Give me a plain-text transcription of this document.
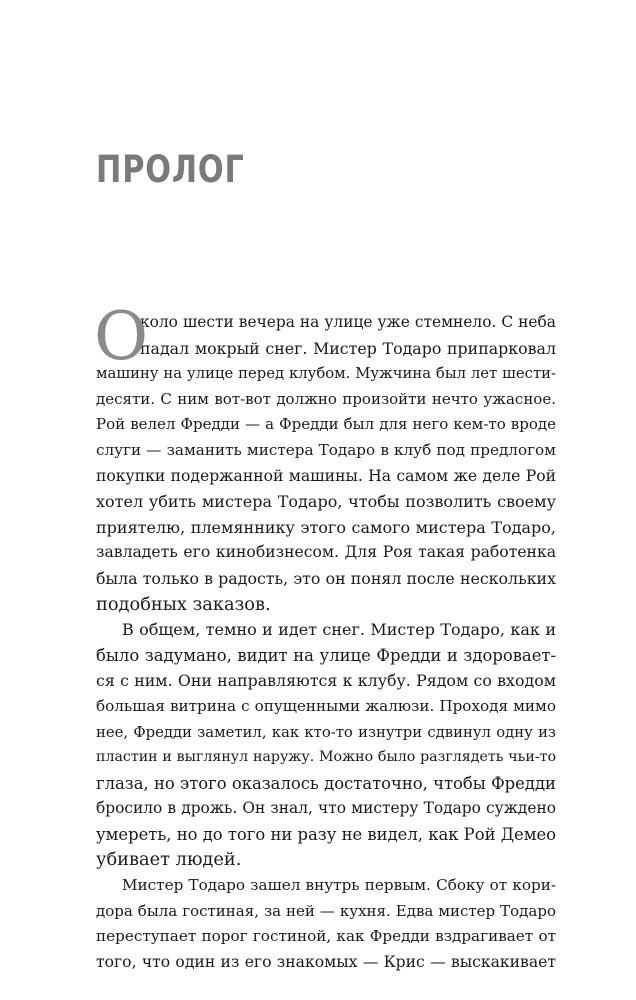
ПРОЛОГ
О
коло шести вечера на улице уже стемнело. С неба
падал мокрый снег. Мистер Тодаро припарковал
машину на улице перед клубом. Мужчина был лет шести-
десяти. С ним вот-вот должно произойти нечто ужасное.
Рой велел Фредди — а Фредди был для него кем-то вроде
слуги — заманить мистера Тодаро в клуб под предлогом
покупки подержанной машины. На самом же деле Рой
хотел убить мистера Тодаро, чтобы позволить своему
приятелю, племяннику этого самого мистера Тодаро,
завладеть его кинобизнесом. Для Роя такая работенка
была только в радость, это он понял после нескольких
подобных заказов.
В общем, темно и идет снег. Мистер Тодаро, как и
было задумано, видит на улице Фредди и здоровает-
ся с ним. Они направляются к клубу. Рядом со входом
большая витрина с опущенными жалюзи. Проходя мимо
нее, Фредди заметил, как кто-то изнутри сдвинул одну из
пластин и выглянул наружу. Можно было разглядеть чьи-то
глаза, но этого оказалось достаточно, чтобы Фредди
бросило в дрожь. Он знал, что мистеру Тодаро суждено
умереть, но до того ни разу не видел, как Рой Демео
убивает людей.
Мистер Тодаро зашел внутрь первым. Сбоку от кори-
дора была гостиная, за ней — кухня. Едва мистер Тодаро
переступает порог гостиной, как Фредди вздрагивает от
того, что один из его знакомых — Крис — выскакивает
